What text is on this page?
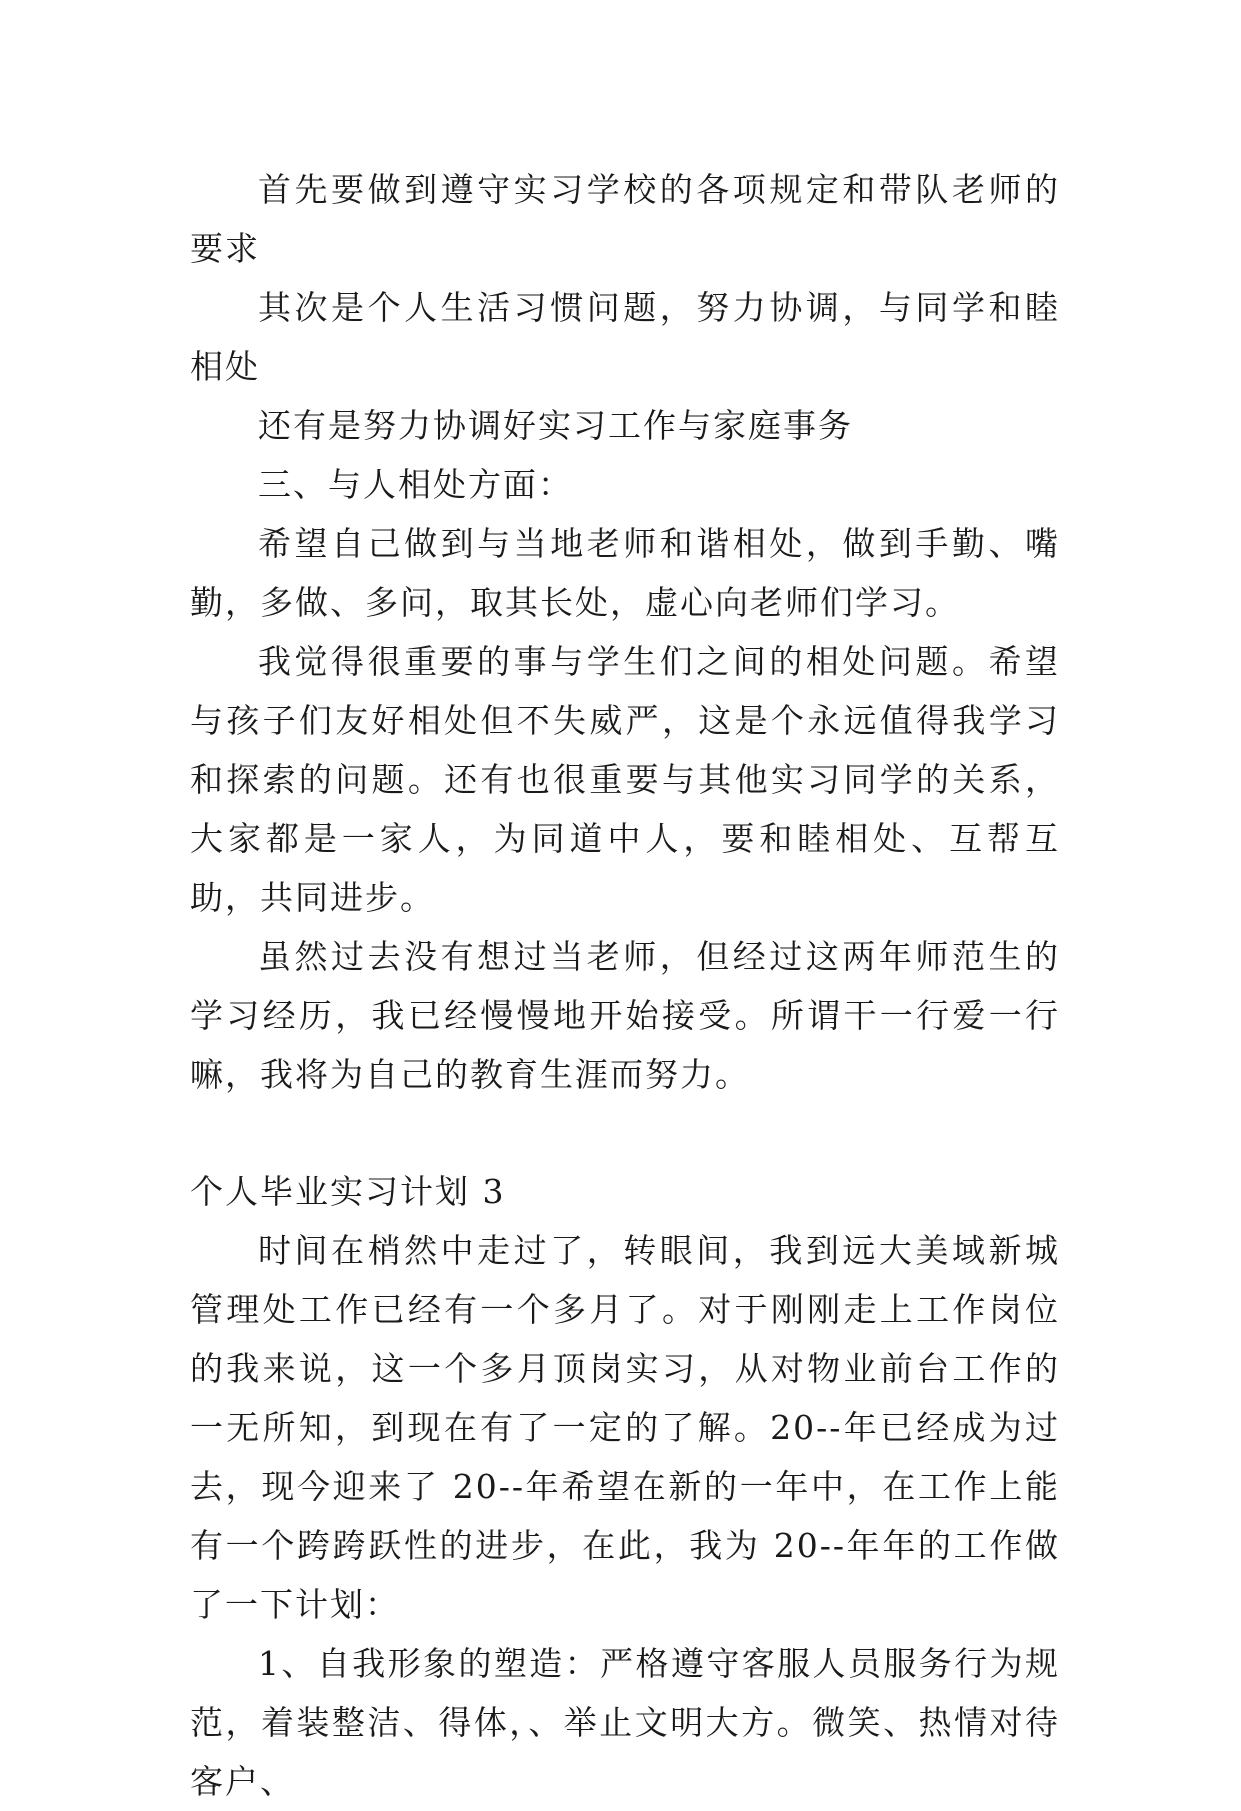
首先要做到遵守实习学校的各项规定和带队老师的要求

其次是个人生活习惯问题，努力协调，与同学和睦相处

还有是努力协调好实习工作与家庭事务

三、与人相处方面：

希望自己做到与当地老师和谐相处，做到手勤、嘴勤，多做、多问，取其长处，虚心向老师们学习。

我觉得很重要的事与学生们之间的相处问题。希望与孩子们友好相处但不失威严，这是个永远值得我学习和探索的问题。还有也很重要与其他实习同学的关系，大家都是一家人，为同道中人，要和睦相处、互帮互助，共同进步。

虽然过去没有想过当老师，但经过这两年师范生的学习经历，我已经慢慢地开始接受。所谓干一行爱一行嘛，我将为自己的教育生涯而努力。

个人毕业实习计划 3

时间在梢然中走过了，转眼间，我到远大美域新城管理处工作已经有一个多月了。对于刚刚走上工作岗位的我来说，这一个多月顶岗实习，从对物业前台工作的一无所知，到现在有了一定的了解。20--年已经成为过去，现今迎来了 20--年希望在新的一年中，在工作上能有一个跨跨跃性的进步，在此，我为 20--年年的工作做了一下计划：

1、自我形象的塑造：严格遵守客服人员服务行为规范，着装整洁、得体，、举止文明大方。微笑、热情对待客户、
